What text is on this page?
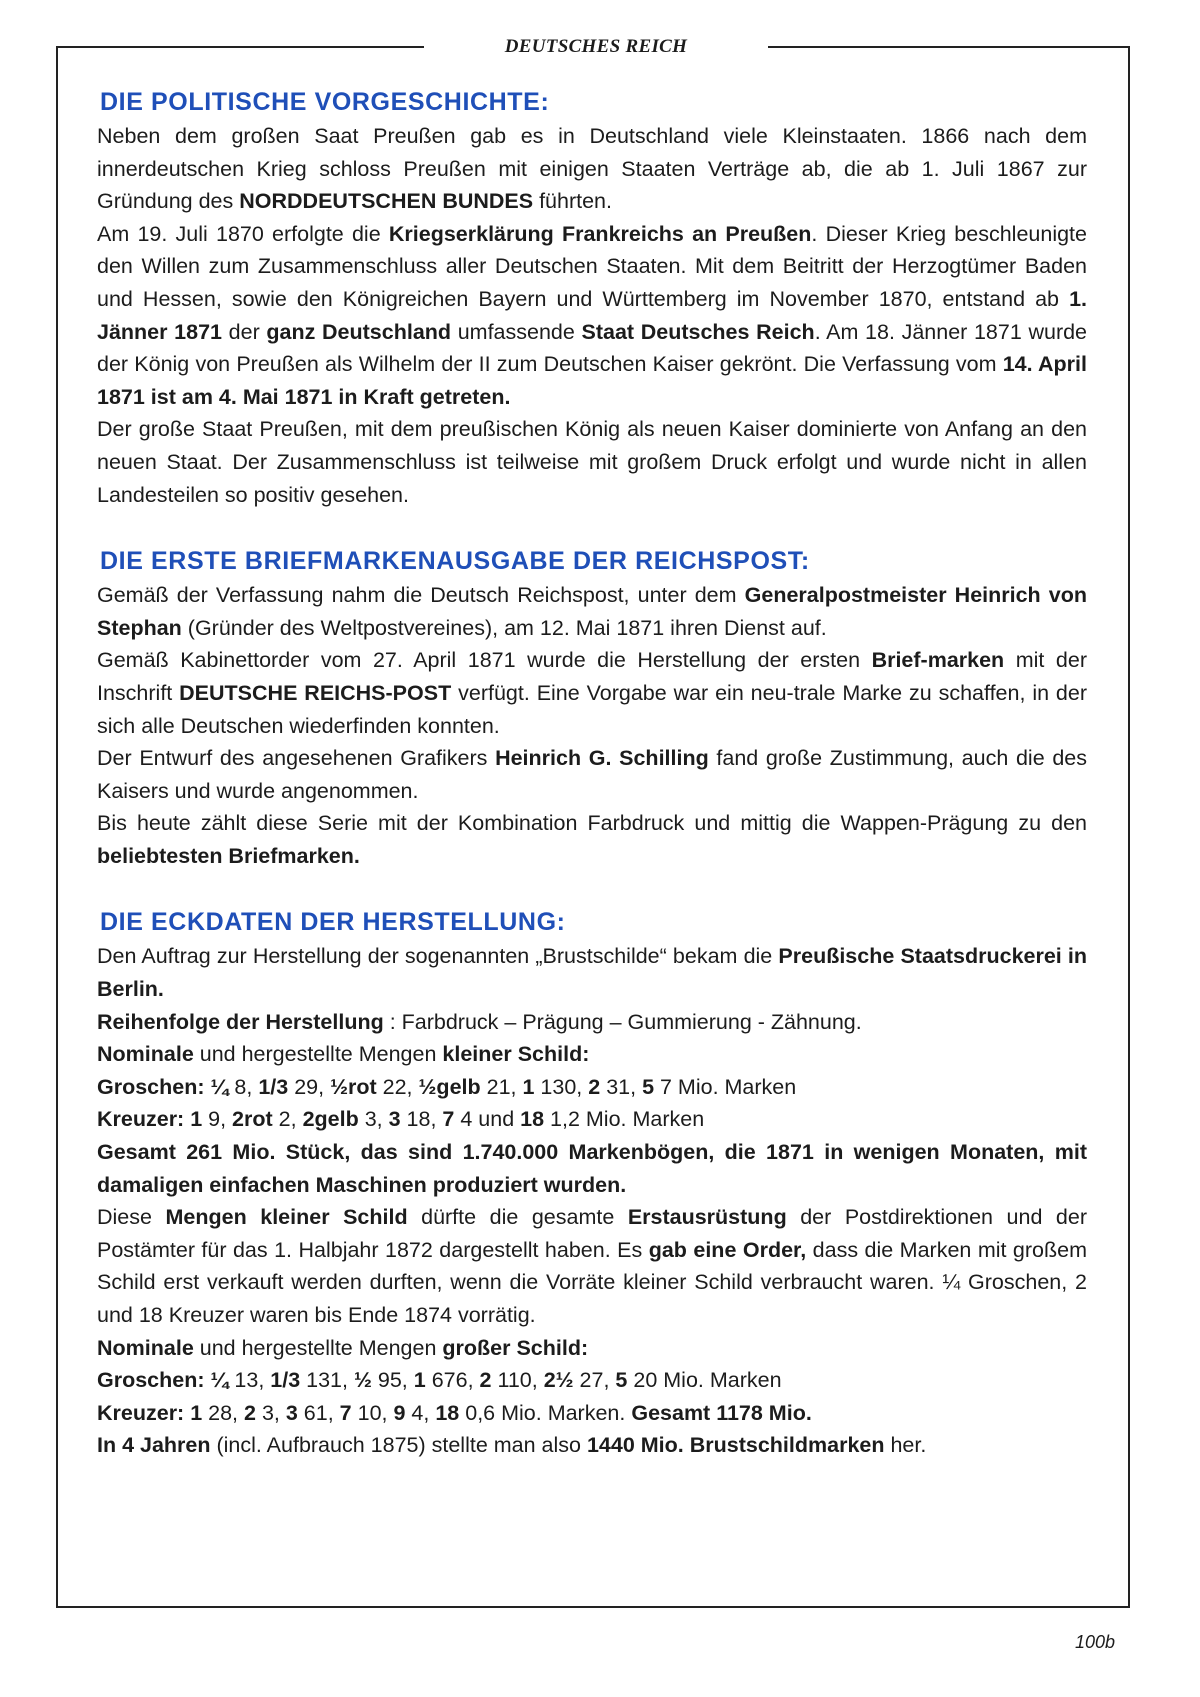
DEUTSCHES REICH
DIE POLITISCHE VORGESCHICHTE:

Neben dem großen Saat Preußen gab es in Deutschland viele Kleinstaaten. 1866 nach dem innerdeutschen Krieg schloss Preußen mit einigen Staaten Verträge ab, die ab 1. Juli 1867 zur Gründung des NORDDEUTSCHEN BUNDES führten.

Am 19. Juli 1870 erfolgte die Kriegserklärung Frankreichs an Preußen. Dieser Krieg beschleunigte den Willen zum Zusammenschluss aller Deutschen Staaten. Mit dem Beitritt der Herzogtümer Baden und Hessen, sowie den Königreichen Bayern und Württemberg im November 1870, entstand ab 1. Jänner 1871 der ganz Deutschland umfassende Staat Deutsches Reich. Am 18. Jänner 1871 wurde der König von Preußen als Wilhelm der II zum Deutschen Kaiser gekrönt. Die Verfassung vom 14. April 1871 ist am 4. Mai 1871 in Kraft getreten.

Der große Staat Preußen, mit dem preußischen König als neuen Kaiser dominierte von Anfang an den neuen Staat. Der Zusammenschluss ist teilweise mit großem Druck erfolgt und wurde nicht in allen Landesteilen so positiv gesehen.

DIE ERSTE BRIEFMARKENAUSGABE DER REICHSPOST:

Gemäß der Verfassung nahm die Deutsch Reichspost, unter dem Generalpostmeister Heinrich von Stephan (Gründer des Weltpostvereines), am 12. Mai 1871 ihren Dienst auf.

Gemäß Kabinettorder vom 27. April 1871 wurde die Herstellung der ersten Brief-marken mit der Inschrift DEUTSCHE REICHS-POST verfügt. Eine Vorgabe war ein neu-trale Marke zu schaffen, in der sich alle Deutschen wiederfinden konnten.

Der Entwurf des angesehenen Grafikers Heinrich G. Schilling fand große Zustimmung, auch die des Kaisers und wurde angenommen.

Bis heute zählt diese Serie mit der Kombination Farbdruck und mittig die Wappen-Prägung zu den beliebtesten Briefmarken.

DIE ECKDATEN DER HERSTELLUNG:

Den Auftrag zur Herstellung der sogenannten „Brustschilde“ bekam die Preußische Staatsdruckerei in Berlin.

Reihenfolge der Herstellung : Farbdruck – Prägung – Gummierung - Zähnung.

Nominale und hergestellte Mengen kleiner Schild:

Groschen: ¼ 8, 1/3 29, ½rot 22, ½gelb 21, 1 130, 2 31, 5 7 Mio. Marken

Kreuzer: 1 9, 2rot 2, 2gelb 3, 3 18, 7 4 und 18 1,2 Mio. Marken

Gesamt 261 Mio. Stück, das sind 1.740.000 Markenbögen, die 1871 in wenigen Monaten, mit damaligen einfachen Maschinen produziert wurden.

Diese Mengen kleiner Schild dürfte die gesamte Erstausrüstung der Postdirektionen und der Postämter für das 1. Halbjahr 1872 dargestellt haben. Es gab eine Order, dass die Marken mit großem Schild erst verkauft werden durften, wenn die Vorräte kleiner Schild verbraucht waren. ¼ Groschen, 2 und 18 Kreuzer waren bis Ende 1874 vorrätig.

Nominale und hergestellte Mengen großer Schild:

Groschen: ¼ 13, 1/3 131, ½ 95, 1 676, 2 110, 2½ 27, 5 20 Mio. Marken

Kreuzer: 1 28, 2 3, 3 61, 7 10, 9 4, 18 0,6 Mio. Marken. Gesamt 1178 Mio.

In 4 Jahren (incl. Aufbrauch 1875) stellte man also 1440 Mio. Brustschildmarken her.

100b
